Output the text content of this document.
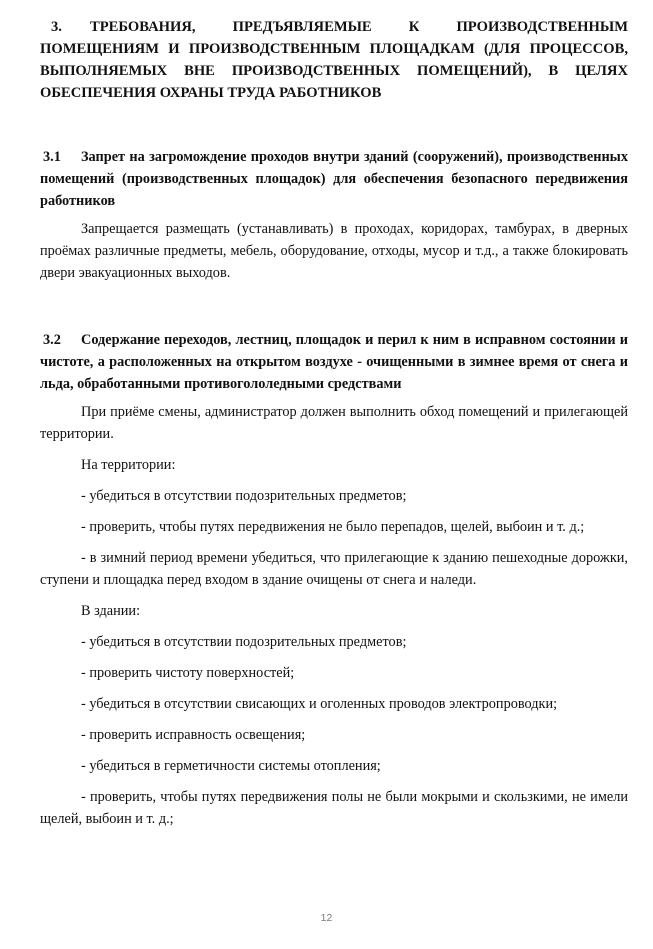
3. ТРЕБОВАНИЯ, ПРЕДЪЯВЛЯЕМЫЕ К ПРОИЗВОДСТВЕННЫМ ПОМЕЩЕНИЯМ И ПРОИЗВОДСТВЕННЫМ ПЛОЩАДКАМ (ДЛЯ ПРОЦЕССОВ, ВЫПОЛНЯЕМЫХ ВНЕ ПРОИЗВОДСТВЕННЫХ ПОМЕЩЕНИЙ), В ЦЕЛЯХ ОБЕСПЕЧЕНИЯ ОХРАНЫ ТРУДА РАБОТНИКОВ
3.1 Запрет на загромождение проходов внутри зданий (сооружений), производственных помещений (производственных площадок) для обеспечения безопасного передвижения работников

Запрещается размещать (устанавливать) в проходах, коридорах, тамбурах, в дверных проёмах различные предметы, мебель, оборудование, отходы, мусор и т.д., а также блокировать двери эвакуационных выходов.

3.2 Содержание переходов, лестниц, площадок и перил к ним в исправном состоянии и чистоте, а расположенных на открытом воздухе - очищенными в зимнее время от снега и льда, обработанными противогололедными средствами

При приёме смены, администратор должен выполнить обход помещений и прилегающей территории.

На территории:

- убедиться в отсутствии подозрительных предметов;

- проверить, чтобы путях передвижения не было перепадов, щелей, выбоин и т. д.;

- в зимний период времени убедиться, что прилегающие к зданию пешеходные дорожки, ступени и площадка перед входом в здание очищены от снега и наледи.

В здании:

- убедиться в отсутствии подозрительных предметов;

- проверить чистоту поверхностей;

- убедиться в отсутствии свисающих и оголенных проводов электропроводки;

- проверить исправность освещения;

- убедиться в герметичности системы отопления;

- проверить, чтобы путях передвижения полы не были мокрыми и скользкими, не имели щелей, выбоин и т. д.;

12
